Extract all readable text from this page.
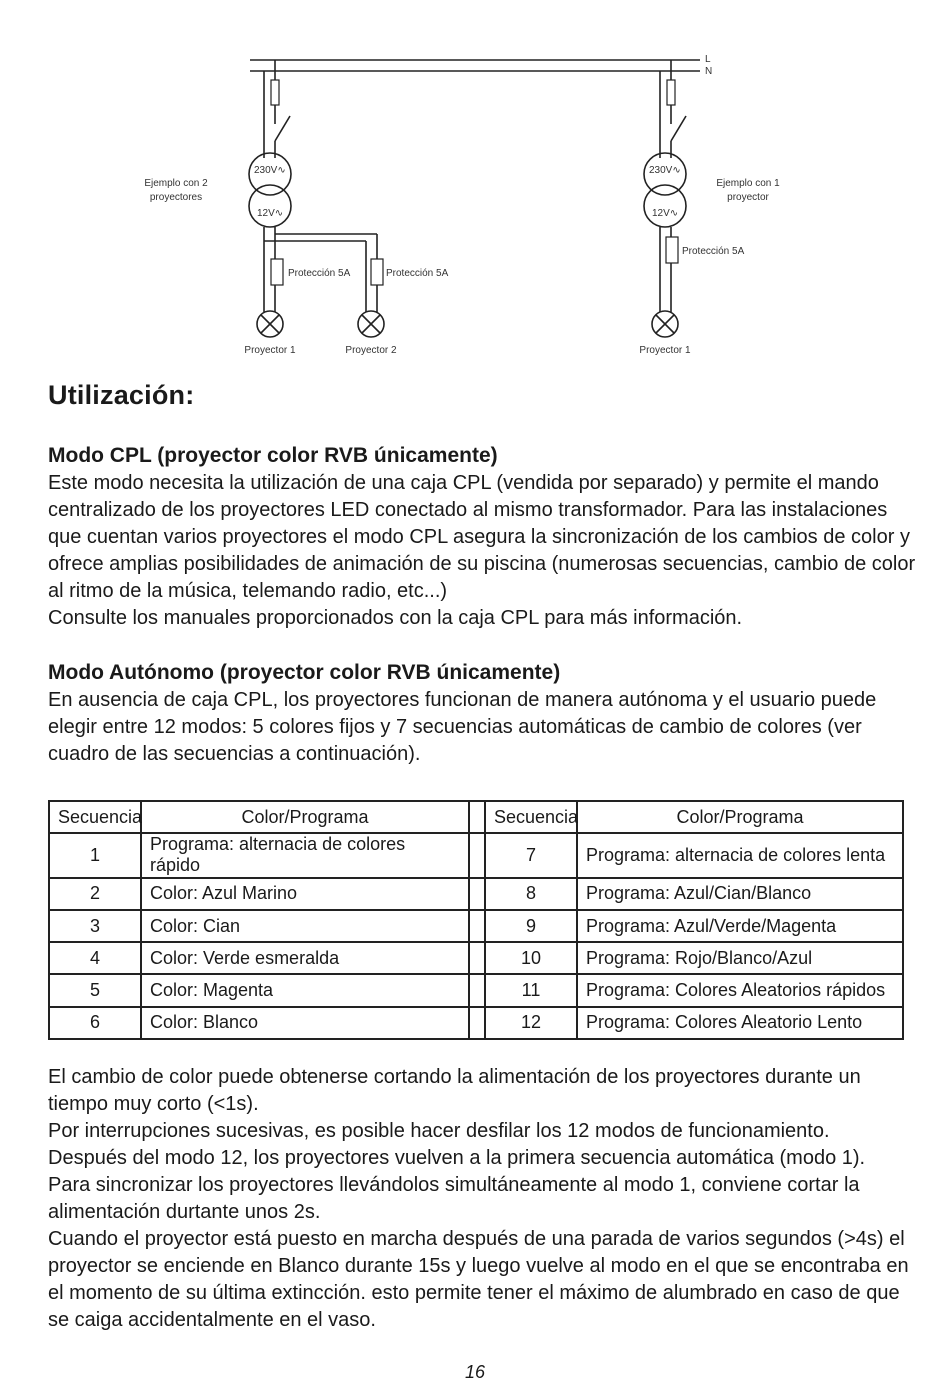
L
N
230V∿
12V∿
Ejemplo con 2
proyectores
Protección 5A	Protección 5A
Proyector 1	Proyector 2
230V∿
12V∿
Ejemplo con 1
proyector
Protección 5A
Proyector 1
Utilización:
Modo CPL (proyector color RVB únicamente)

Este modo necesita la utilización de una caja CPL (vendida por separado) y permite el mando centralizado de los proyectores LED conectado al mismo transformador. Para las instalaciones que cuentan varios proyectores el modo CPL asegura la sincronización de los cambios de color y ofrece amplias posibilidades de animación de su piscina (numerosas secuencias, cambio de color al ritmo de la música, telemando radio, etc...)

Consulte los manuales proporcionados con la caja CPL para más información.

Modo Autónomo (proyector color RVB únicamente)

En ausencia de caja CPL, los proyectores funcionan de manera autónoma y el usuario puede elegir entre 12 modos: 5 colores fijos y 7 secuencias automáticas de cambio de colores (ver cuadro de las secuencias a continuación).

Secuencia	Color/Programa		Secuencia	Color/Programa
1	Programa: alternacia de colores rápido		7	Programa: alternacia de colores lenta
2	Color: Azul Marino		8	Programa: Azul/Cian/Blanco
3	Color: Cian		9	Programa: Azul/Verde/Magenta
4	Color: Verde esmeralda		10	Programa: Rojo/Blanco/Azul
5	Color: Magenta		11	Programa: Colores Aleatorios rápidos
6	Color: Blanco		12	Programa: Colores Aleatorio Lento

El cambio de color puede obtenerse cortando la alimentación de los proyectores durante un tiempo muy corto (<1s).

Por interrupciones sucesivas, es posible hacer desfilar los 12 modos de funcionamiento.

Después del modo 12, los proyectores vuelven a la primera secuencia automática (modo 1).

Para sincronizar los proyectores llevándolos simultáneamente al modo 1, conviene cortar la alimentación durtante unos 2s.

Cuando el proyector está puesto en marcha después de una parada de varios segundos (>4s) el proyector se enciende en Blanco durante 15s y luego vuelve al modo en el que se encontraba en el momento de su última extincción. esto permite tener el máximo de alumbrado en caso de que se caiga accidentalmente en el vaso.

16
